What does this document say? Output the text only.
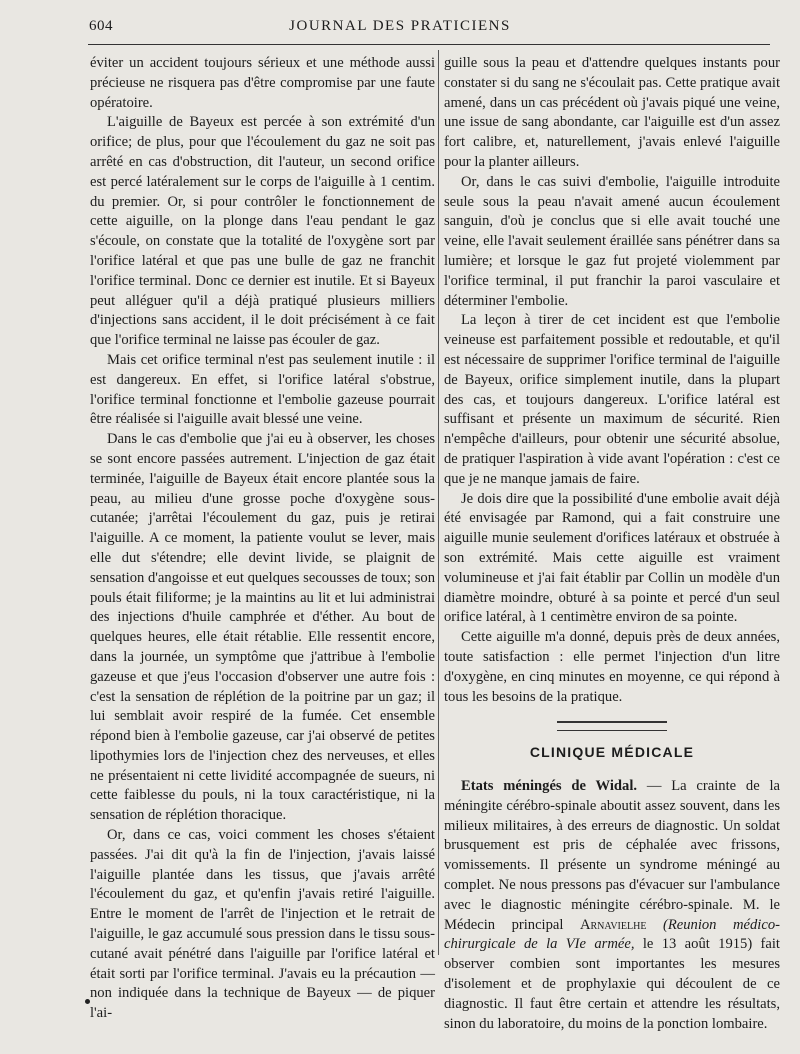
604	JOURNAL DES PRATICIENS

éviter un accident toujours sérieux et une méthode aussi précieuse ne risquera pas d'être compromise par une faute opératoire.

L'aiguille de Bayeux est percée à son extrémité d'un orifice; de plus, pour que l'écoulement du gaz ne soit pas arrêté en cas d'obstruction, dit l'auteur, un second orifice est percé latéralement sur le corps de l'aiguille à 1 centim. du premier. Or, si pour contrôler le fonctionnement de cette aiguille, on la plonge dans l'eau pendant le gaz s'écoule, on constate que la totalité de l'oxygène sort par l'orifice latéral et que pas une bulle de gaz ne franchit l'orifice terminal. Donc ce dernier est inutile. Et si Bayeux peut alléguer qu'il a déjà pratiqué plusieurs milliers d'injections sans accident, il le doit précisément à ce fait que l'orifice terminal ne laisse pas écouler de gaz.

Mais cet orifice terminal n'est pas seulement inutile : il est dangereux. En effet, si l'orifice latéral s'obstrue, l'orifice terminal fonctionne et l'embolie gazeuse pourrait être réalisée si l'aiguille avait blessé une veine.

Dans le cas d'embolie que j'ai eu à observer, les choses se sont encore passées autrement. L'injection de gaz était terminée, l'aiguille de Bayeux était encore plantée sous la peau, au milieu d'une grosse poche d'oxygène sous-cutanée; j'arrêtai l'écoulement du gaz, puis je retirai l'aiguille. A ce moment, la patiente voulut se lever, mais elle dut s'étendre; elle devint livide, se plaignit de sensation d'angoisse et eut quelques secousses de toux; son pouls était filiforme; je la maintins au lit et lui administrai des injections d'huile camphrée et d'éther. Au bout de quelques heures, elle était rétablie. Elle ressentit encore, dans la journée, un symptôme que j'attribue à l'embolie gazeuse et que j'eus l'occasion d'observer une autre fois : c'est la sensation de réplétion de la poitrine par un gaz; il lui semblait avoir respiré de la fumée. Cet ensemble répond bien à l'embolie gazeuse, car j'ai observé de petites lipothymies lors de l'injection chez des nerveuses, et elles ne présentaient ni cette lividité accompagnée de sueurs, ni cette faiblesse du pouls, ni la toux caractéristique, ni la sensation de réplétion thoracique.

Or, dans ce cas, voici comment les choses s'étaient passées. J'ai dit qu'à la fin de l'injection, j'avais laissé l'aiguille plantée dans les tissus, que j'avais arrêté l'écoulement du gaz, et qu'enfin j'avais retiré l'aiguille. Entre le moment de l'arrêt de l'injection et le retrait de l'aiguille, le gaz accumulé sous pression dans le tissu sous-cutané avait pénétré dans l'aiguille par l'orifice latéral et était sorti par l'orifice terminal. J'avais eu la précaution — non indiquée dans la technique de Bayeux — de piquer l'ai-

guille sous la peau et d'attendre quelques instants pour constater si du sang ne s'écoulait pas. Cette pratique avait amené, dans un cas précédent où j'avais piqué une veine, une issue de sang abondante, car l'aiguille est d'un assez fort calibre, et, naturellement, j'avais enlevé l'aiguille pour la planter ailleurs.

Or, dans le cas suivi d'embolie, l'aiguille introduite seule sous la peau n'avait amené aucun écoulement sanguin, d'où je conclus que si elle avait touché une veine, elle l'avait seulement éraillée sans pénétrer dans sa lumière; et lorsque le gaz fut projeté violemment par l'orifice terminal, il put franchir la paroi vasculaire et déterminer l'embolie.

La leçon à tirer de cet incident est que l'embolie veineuse est parfaitement possible et redoutable, et qu'il est nécessaire de supprimer l'orifice terminal de l'aiguille de Bayeux, orifice simplement inutile, dans la plupart des cas, et toujours dangereux. L'orifice latéral est suffisant et présente un maximum de sécurité. Rien n'empêche d'ailleurs, pour obtenir une sécurité absolue, de pratiquer l'aspiration à vide avant l'opération : c'est ce que je ne manque jamais de faire.

Je dois dire que la possibilité d'une embolie avait déjà été envisagée par Ramond, qui a fait construire une aiguille munie seulement d'orifices latéraux et obstruée à son extrémité. Mais cette aiguille est vraiment volumineuse et j'ai fait établir par Collin un modèle d'un diamètre moindre, obturé à sa pointe et percé d'un seul orifice latéral, à 1 centimètre environ de sa pointe.

Cette aiguille m'a donné, depuis près de deux années, toute satisfaction : elle permet l'injection d'un litre d'oxygène, en cinq minutes en moyenne, ce qui répond à tous les besoins de la pratique.

CLINIQUE MÉDICALE

Etats méningés de Widal. — La crainte de la méningite cérébro-spinale aboutit assez souvent, dans les milieux militaires, à des erreurs de diagnostic. Un soldat brusquement est pris de céphalée avec frissons, vomissements. Il présente un syndrome méningé au complet. Ne nous pressons pas d'évacuer sur l'ambulance avec le diagnostic méningite cérébro-spinale. M. le Médecin principal Arnavielhe (Reunion médico-chirurgicale de la VIe armée, le 13 août 1915) fait observer combien sont importantes les mesures d'isolement et de prophylaxie qui découlent de ce diagnostic. Il faut être certain et attendre les résultats, sinon du laboratoire, du moins de la ponction lombaire.
